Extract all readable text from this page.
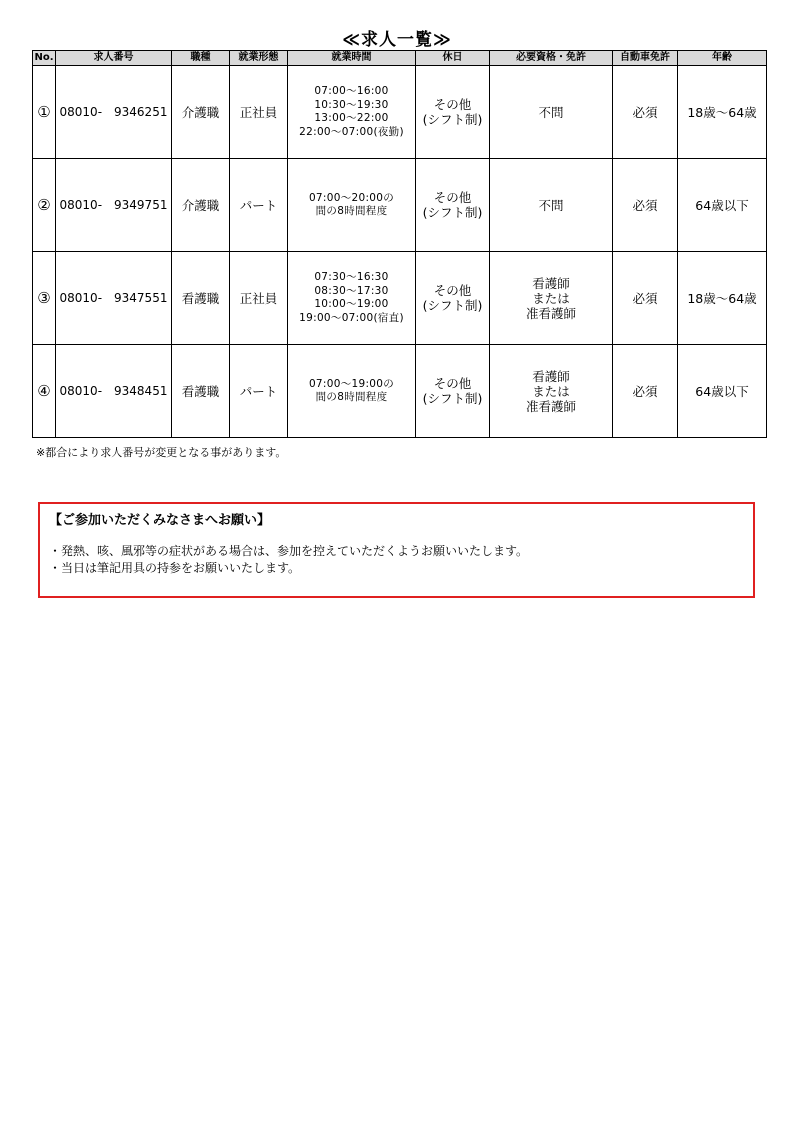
≪求人一覧≫
No.	求人番号	職種	就業形態	就業時間	休日	必要資格・免許	自動車免許	年齢
①	08010-　9346251	介護職	正社員	07:00～16:00
10:30～19:30
13:00～22:00
22:00～07:00(夜勤)	その他
(シフト制)	不問	必須	18歳～64歳
②	08010-　9349751	介護職	パート	07:00～20:00の
間の8時間程度	その他
(シフト制)	不問	必須	64歳以下
③	08010-　9347551	看護職	正社員	07:30～16:30
08:30～17:30
10:00～19:00
19:00～07:00(宿直)	その他
(シフト制)	看護師
または
准看護師	必須	18歳～64歳
④	08010-　9348451	看護職	パート	07:00～19:00の
間の8時間程度	その他
(シフト制)	看護師
または
准看護師	必須	64歳以下
※都合により求人番号が変更となる事があります。
【ご参加いただくみなさまへお願い】
・発熱、咳、風邪等の症状がある場合は、参加を控えていただくようお願いいたします。
・当日は筆記用具の持参をお願いいたします。
